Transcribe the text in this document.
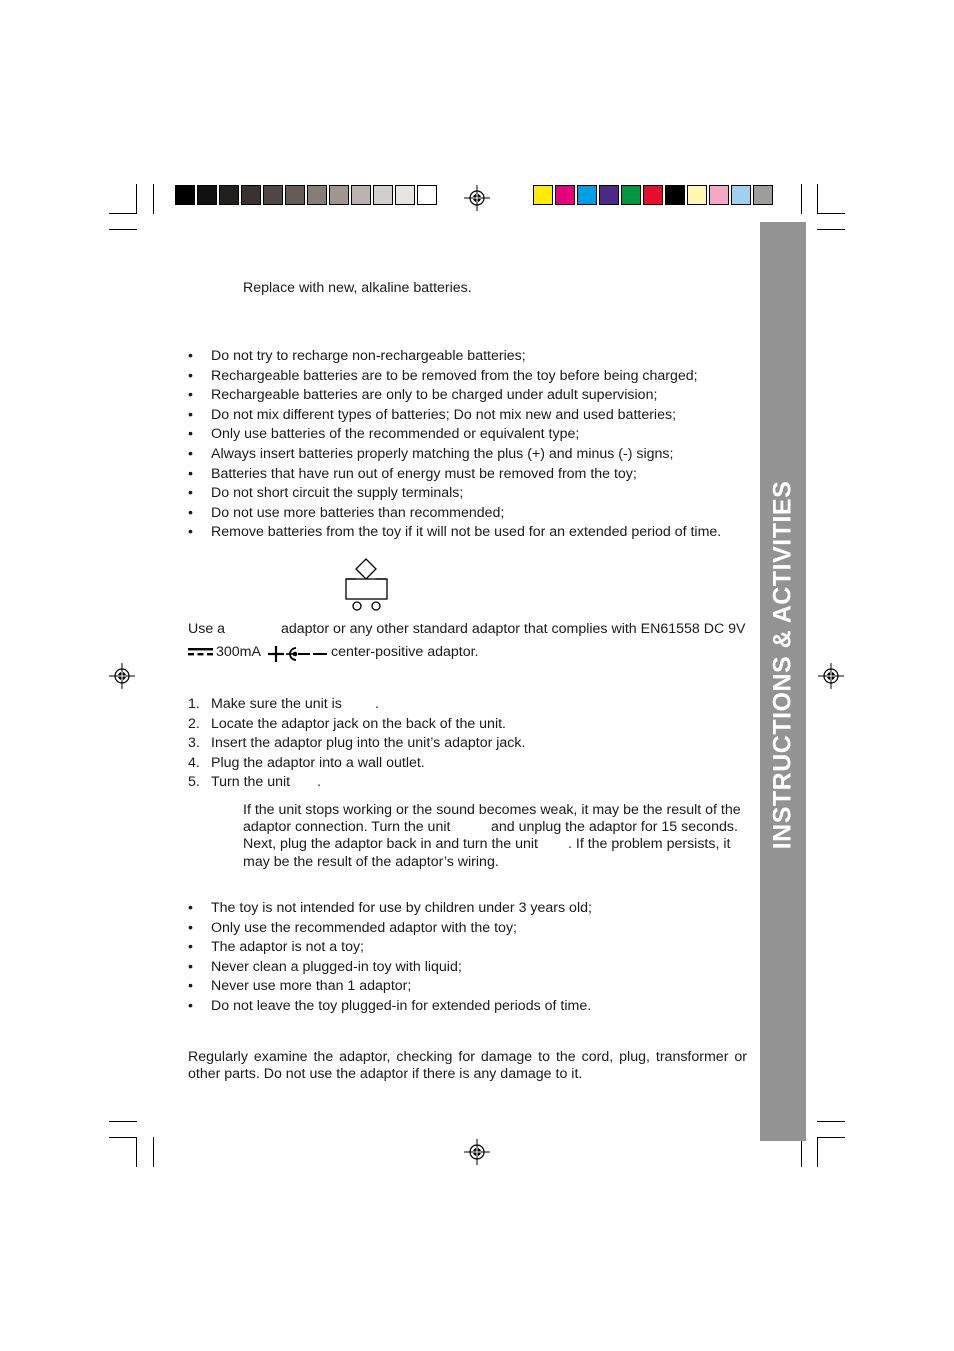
INSTRUCTIONS & ACTIVITIES
Replace with new, alkaline batteries.
• Do not try to recharge non-rechargeable batteries;
• Rechargeable batteries are to be removed from the toy before being charged;
• Rechargeable batteries are only to be charged under adult supervision;
• Do not mix different types of batteries; Do not mix new and used batteries;
• Only use batteries of the recommended or equivalent type;
• Always insert batteries properly matching the plus (+) and minus (-) signs;
• Batteries that have run out of energy must be removed from the toy;
• Do not short circuit the supply terminals;
• Do not use more batteries than recommended;
• Remove batteries from the toy if it will not be used for an extended period of time.
Use a	adaptor or any other standard adaptor that complies with EN61558 DC 9V
300mA	center-positive adaptor.
1. Make sure the unit is .
2. Locate the adaptor jack on the back of the unit.
3. Insert the adaptor plug into the unit’s adaptor jack.
4. Plug the adaptor into a wall outlet.
5. Turn the unit .
If the unit stops working or the sound becomes weak, it may be the result of the
adaptor connection. Turn the unit	and unplug the adaptor for 15 seconds.
Next, plug the adaptor back in and turn the unit . If the problem persists, it
may be the result of the adaptor’s wiring.
• The toy is not intended for use by children under 3 years old;
• Only use the recommended adaptor with the toy;
• The adaptor is not a toy;
• Never clean a plugged-in toy with liquid;
• Never use more than 1 adaptor;
• Do not leave the toy plugged-in for extended periods of time.
Regularly examine the adaptor, checking for damage to the cord, plug, transformer or other parts. Do not use the adaptor if there is any damage to it.
